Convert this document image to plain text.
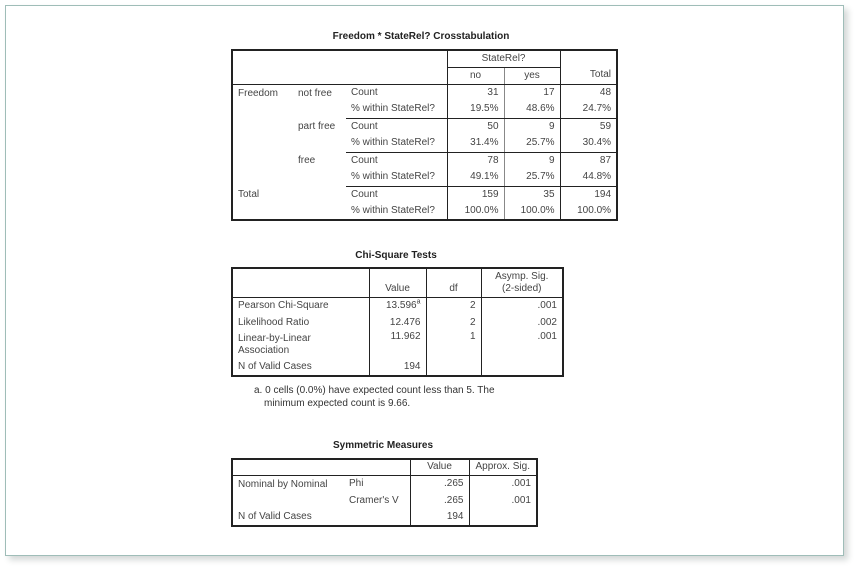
Freedom * StateRel? Crosstabulation
			StateRel?		Total
			no	yes	
Freedom	not free	Count	31	17	48
		% within StateRel?	19.5%	48.6%	24.7%
	part free	Count	50	9	59
		% within StateRel?	31.4%	25.7%	30.4%
	free	Count	78	9	87
		% within StateRel?	49.1%	25.7%	44.8%
Total		Count	159	35	194
		% within StateRel?	100.0%	100.0%	100.0%
Chi-Square Tests
	Value	df	Asymp. Sig.
(2-sided)

Pearson Chi-Square	13.596$^a$	2	.001
Likelihood Ratio	12.476	2	.002

Linear-by-Linear
Association	11.962	1	.001
N of Valid Cases	194		
a. 0 cells (0.0%) have expected count less than 5. The
minimum expected count is 9.66.
Symmetric Measures
		Value	Approx. Sig.
Nominal by Nominal	Phi	.265	.001
	Cramer's V	.265	.001
N of Valid Cases		194	
